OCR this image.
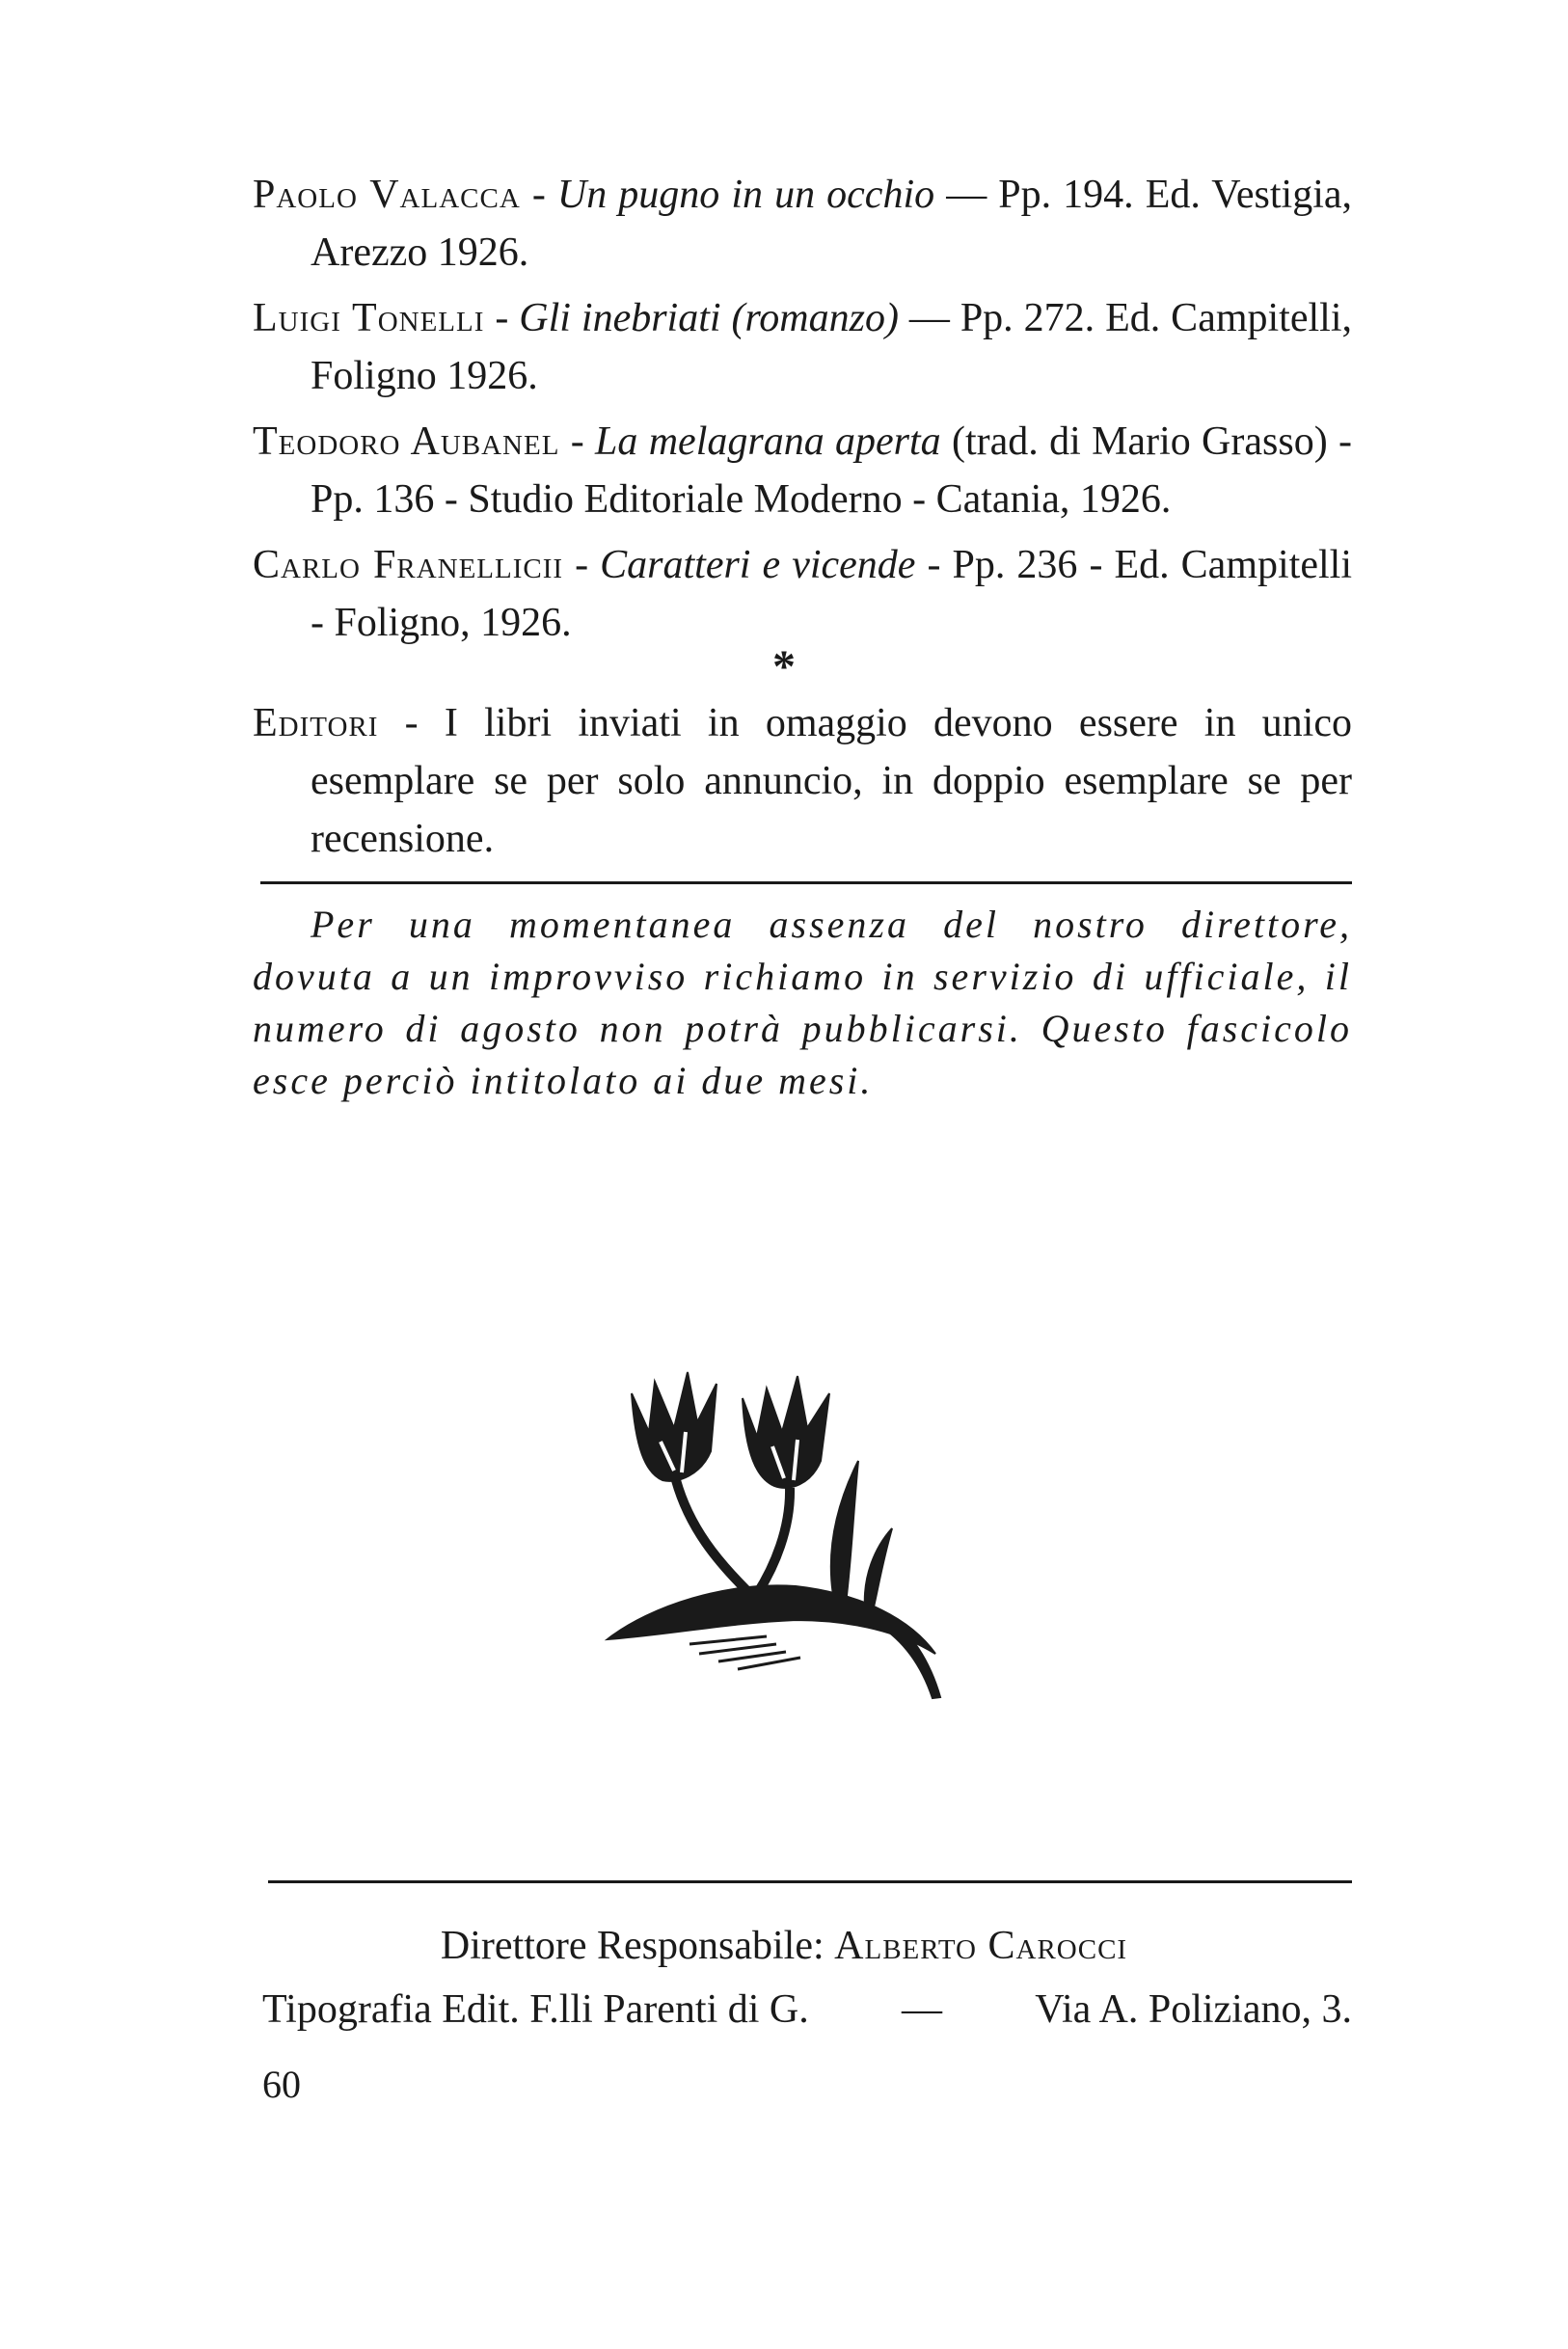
Paolo Valacca - Un pugno in un occhio — Pp. 194. Ed. Vestigia, Arezzo 1926.

Luigi Tonelli - Gli inebriati (romanzo) — Pp. 272. Ed. Campitelli, Foligno 1926.

Teodoro Aubanel - La melagrana aperta (trad. di Mario Grasso) - Pp. 136 - Studio Editoriale Moderno - Catania, 1926.

Carlo Franellicii - Caratteri e vicende - Pp. 236 - Ed. Campitelli - Foligno, 1926.

*

Editori - I libri inviati in omaggio devono essere in unico esemplare se per solo annuncio, in doppio esemplare se per recensione.

Per una momentanea assenza del nostro direttore, dovuta a un improvviso richiamo in servizio di ufficiale, il numero di agosto non potrà pubblicarsi. Questo fascicolo esce perciò intitolato ai due mesi.

Direttore Responsabile: Alberto Carocci
Tipografia Edit. F.lli Parenti di G. — Via A. Poliziano, 3.
60
